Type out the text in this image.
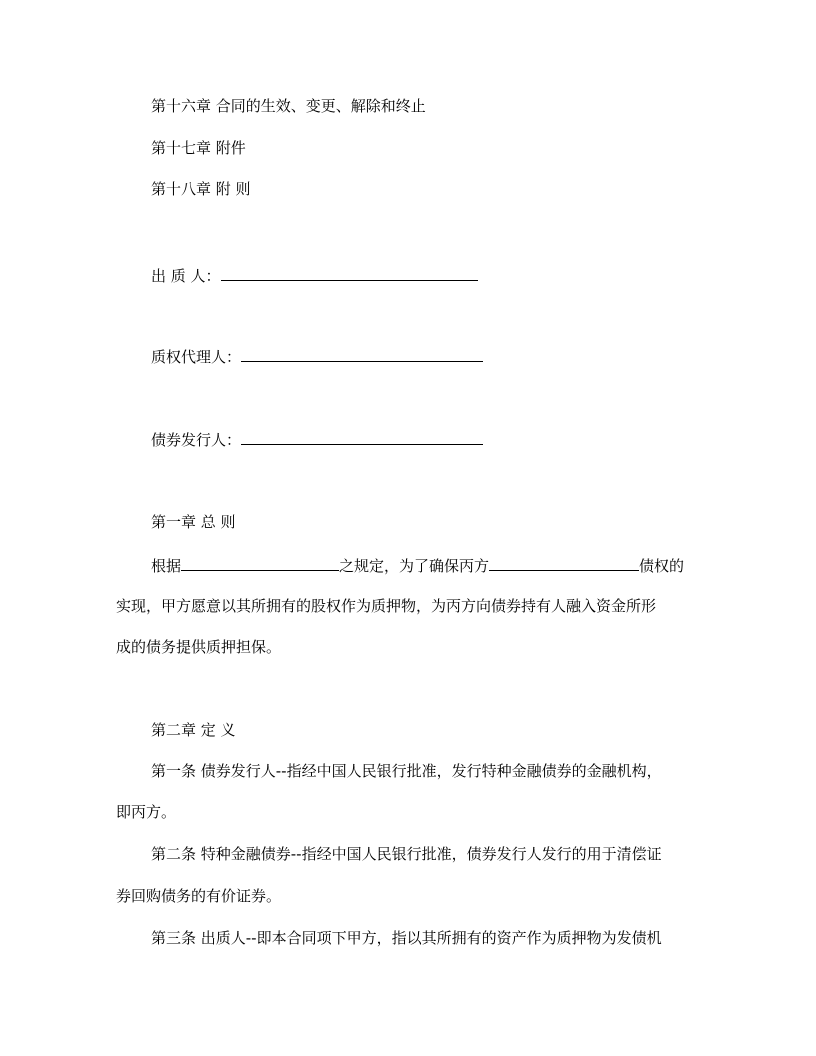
第十六章 合同的生效、变更、解除和终止
第十七章 附件
第十八章 附 则
出 质 人：
质权代理人：
债券发行人：
第一章 总 则
根据	之规定，为了确保丙方	债权的
实现，甲方愿意以其所拥有的股权作为质押物，为丙方向债券持有人融入资金所形
成的债务提供质押担保。
第二章 定 义
第一条 债券发行人--指经中国人民银行批准，发行特种金融债券的金融机构，
即丙方。
第二条 特种金融债券--指经中国人民银行批准，债券发行人发行的用于清偿证
券回购债务的有价证券。
第三条 出质人--即本合同项下甲方，指以其所拥有的资产作为质押物为发债机
